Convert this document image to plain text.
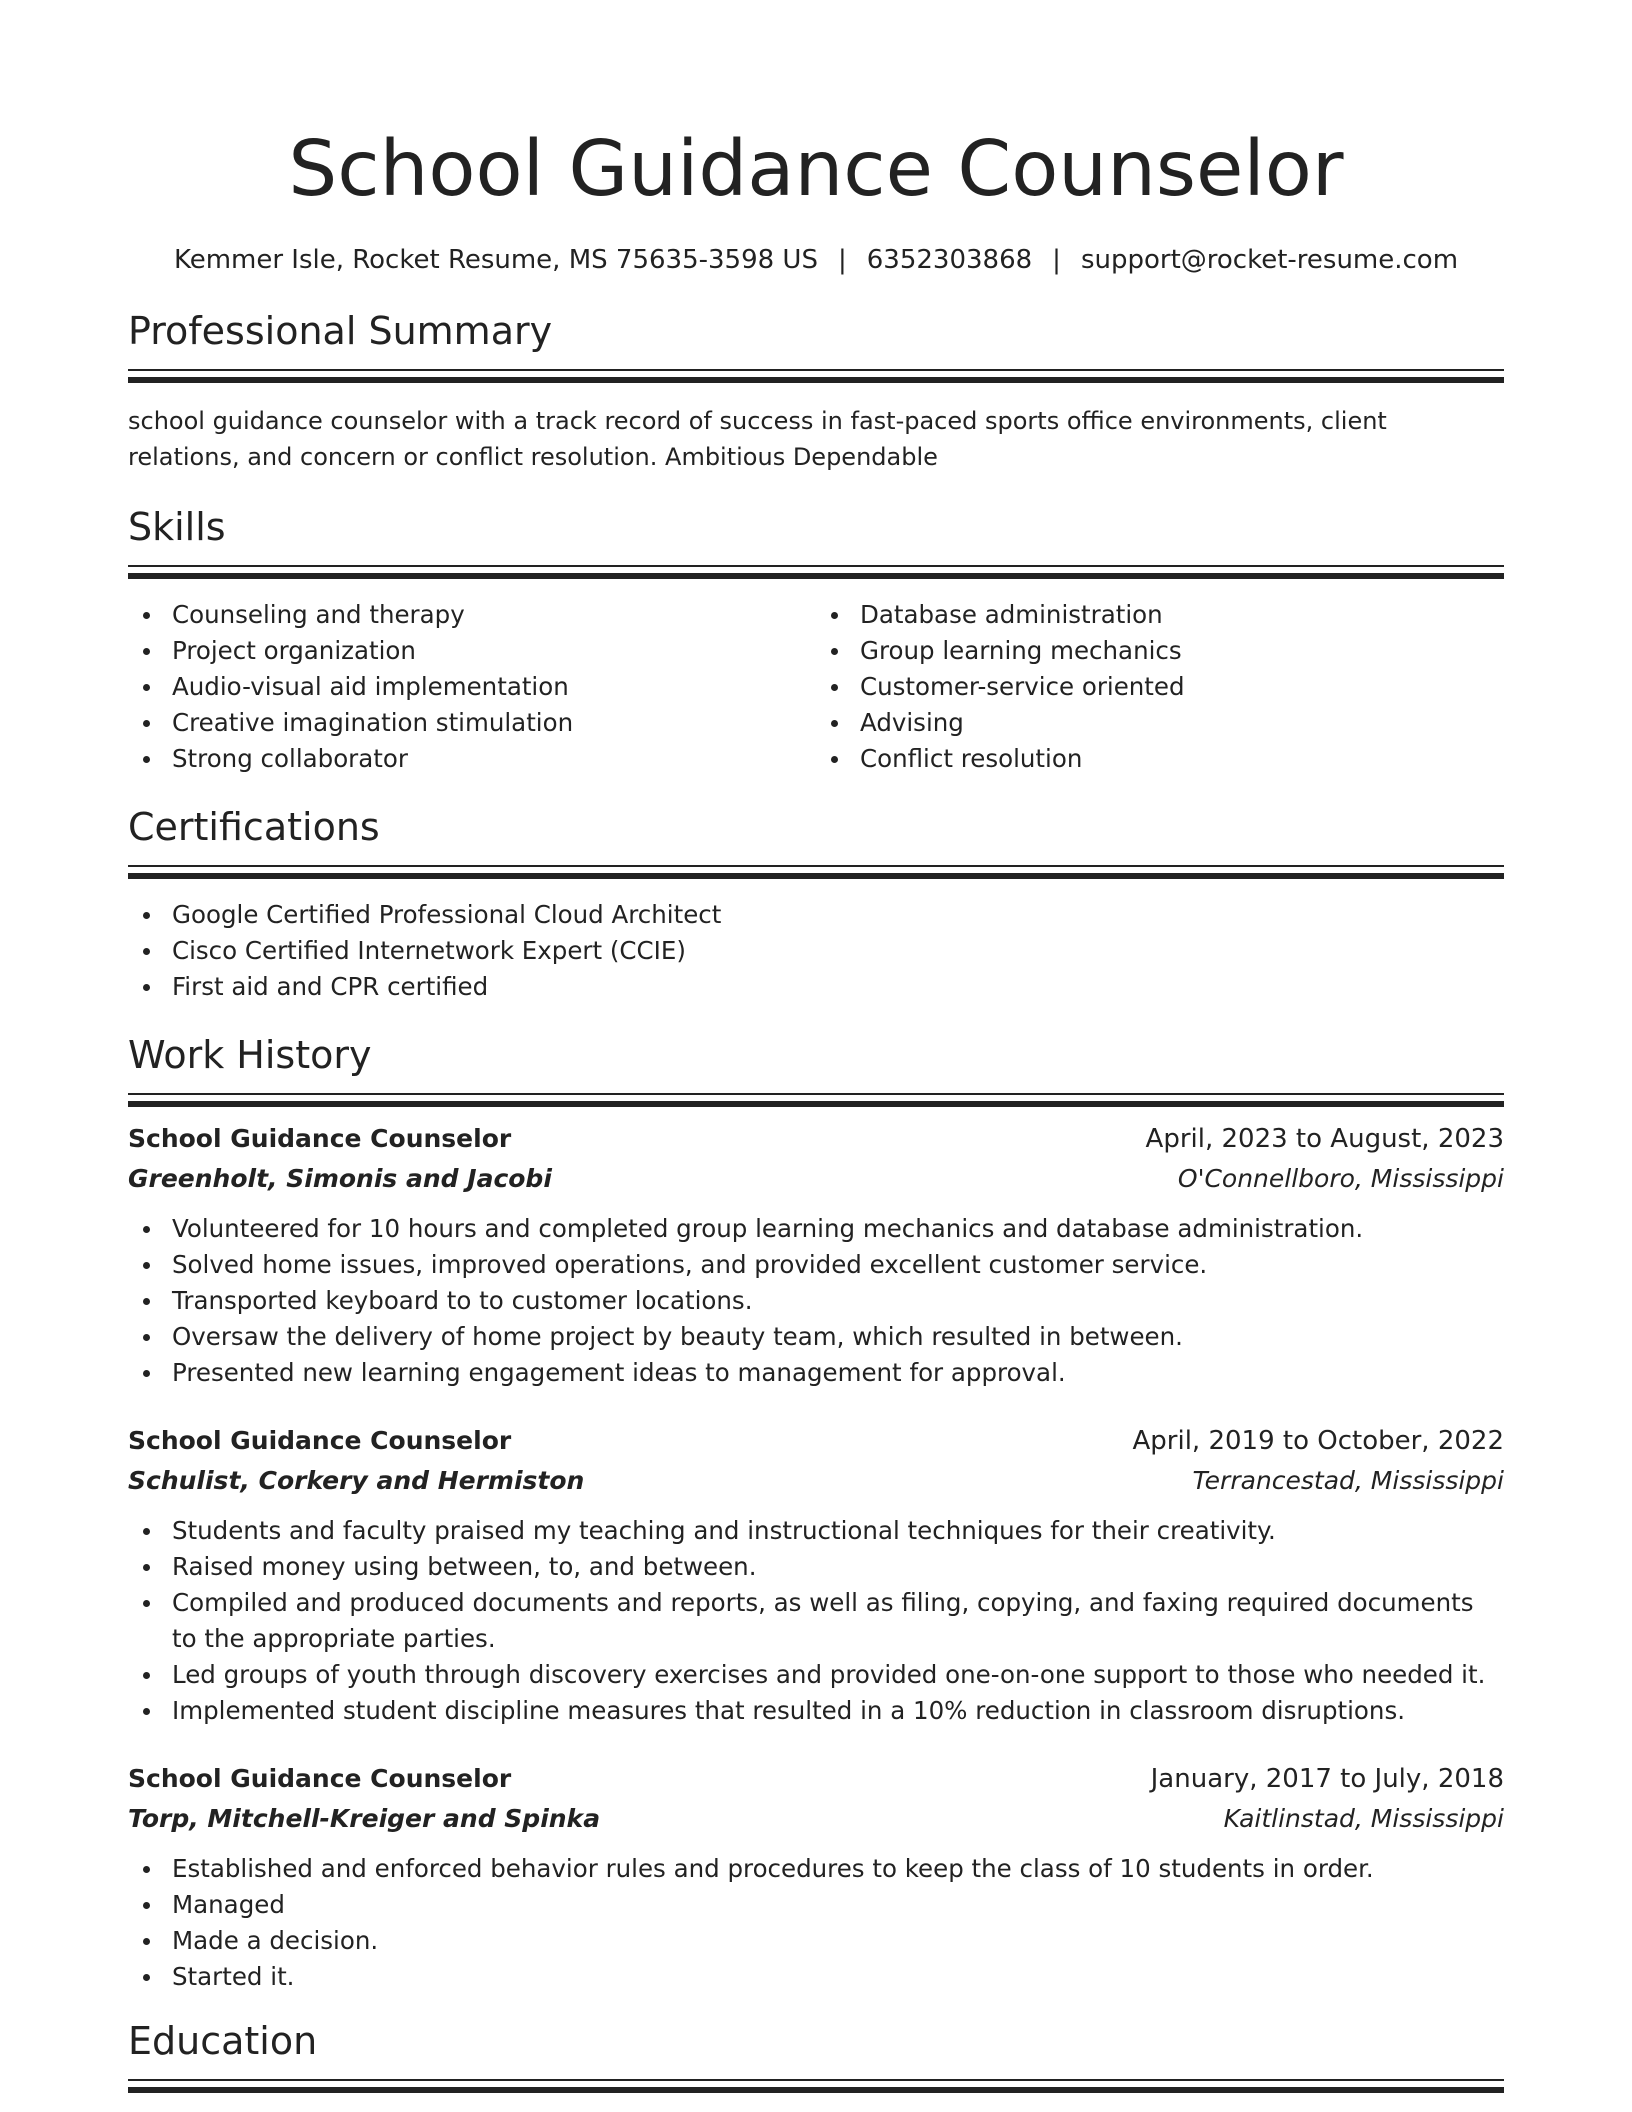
School Guidance Counselor
Kemmer Isle, Rocket Resume, MS 75635-3598 US | 6352303868 | support@rocket-resume.com
Professional Summary
school guidance counselor with a track record of success in fast-paced sports office environments, client relations, and concern or conflict resolution. Ambitious Dependable
Skills
Counseling and therapy
Project organization
Audio-visual aid implementation
Creative imagination stimulation
Strong collaborator
Database administration
Group learning mechanics
Customer-service oriented
Advising
Conflict resolution
Certifications
Google Certified Professional Cloud Architect
Cisco Certified Internetwork Expert (CCIE)
First aid and CPR certified
Work History
School Guidance Counselor	April, 2023 to August, 2023
Greenholt, Simonis and Jacobi	O'Connellboro, Mississippi
Volunteered for 10 hours and completed group learning mechanics and database administration.
Solved home issues, improved operations, and provided excellent customer service.
Transported keyboard to to customer locations.
Oversaw the delivery of home project by beauty team, which resulted in between.
Presented new learning engagement ideas to management for approval.
School Guidance Counselor	April, 2019 to October, 2022
Schulist, Corkery and Hermiston	Terrancestad, Mississippi
Students and faculty praised my teaching and instructional techniques for their creativity.
Raised money using between, to, and between.
Compiled and produced documents and reports, as well as filing, copying, and faxing required documents to the appropriate parties.
Led groups of youth through discovery exercises and provided one-on-one support to those who needed it.
Implemented student discipline measures that resulted in a 10% reduction in classroom disruptions.
School Guidance Counselor	January, 2017 to July, 2018
Torp, Mitchell-Kreiger and Spinka	Kaitlinstad, Mississippi
Established and enforced behavior rules and procedures to keep the class of 10 students in order.
Managed
Made a decision.
Started it.
Education
